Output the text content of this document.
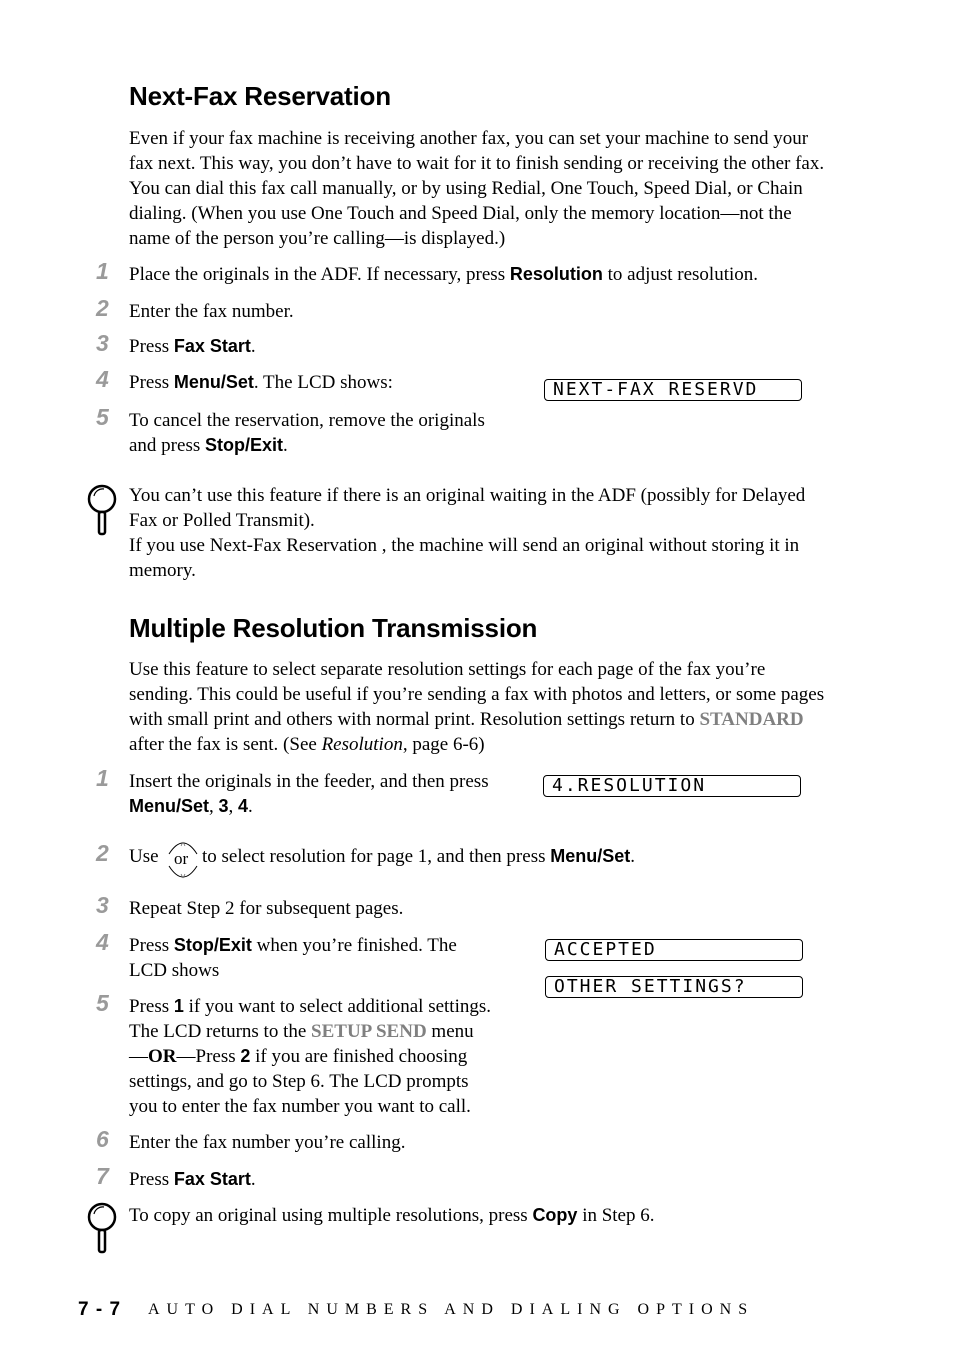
Next-Fax Reservation

Even if your fax machine is receiving another fax, you can set your machine to send your fax next. This way, you don’t have to wait for it to finish sending or receiving the other fax. You can dial this fax call manually, or by using Redial, One Touch, Speed Dial, or Chain dialing. (When you use One Touch and Speed Dial, only the memory location—not the name of the person you’re calling—is displayed.)

1 Place the originals in the ADF. If necessary, press Resolution to adjust resolution.

2 Enter the fax number.

3 Press Fax Start.

4 Press Menu/Set. The LCD shows:	NEXT-FAX RESERVD
5 To cancel the reservation, remove the originals
and press Stop/Exit.

You can’t use this feature if there is an original waiting in the ADF (possibly for Delayed Fax or Polled Transmit).
If you use Next-Fax Reservation , the machine will send an original without storing it in memory.

Multiple Resolution Transmission

Use this feature to select separate resolution settings for each page of the fax you’re sending. This could be useful if you’re sending a fax with photos and letters, or some pages with small print and others with normal print. Resolution settings return to STANDARD after the fax is sent. (See Resolution, page 6-6)

1 Insert the originals in the feeder, and then press
Menu/Set, 3, 4.

4.RESOLUTION
2 Use or to select resolution for page 1, and then press Menu/Set.

3 Repeat Step 2 for subsequent pages.

4 Press Stop/Exit when you’re finished. The
LCD shows

ACCEPTED
OTHER SETTINGS?
5 Press 1 if you want to select additional settings.
The LCD returns to the SETUP SEND menu
—OR—Press 2 if you are finished choosing
settings, and go to Step 6. The LCD prompts
you to enter the fax number you want to call.

6 Enter the fax number you’re calling.

7 Press Fax Start.

To copy an original using multiple resolutions, press Copy in Step 6.

7 - 7 AUTO DIAL NUMBERS AND DIALING OPTIONS
